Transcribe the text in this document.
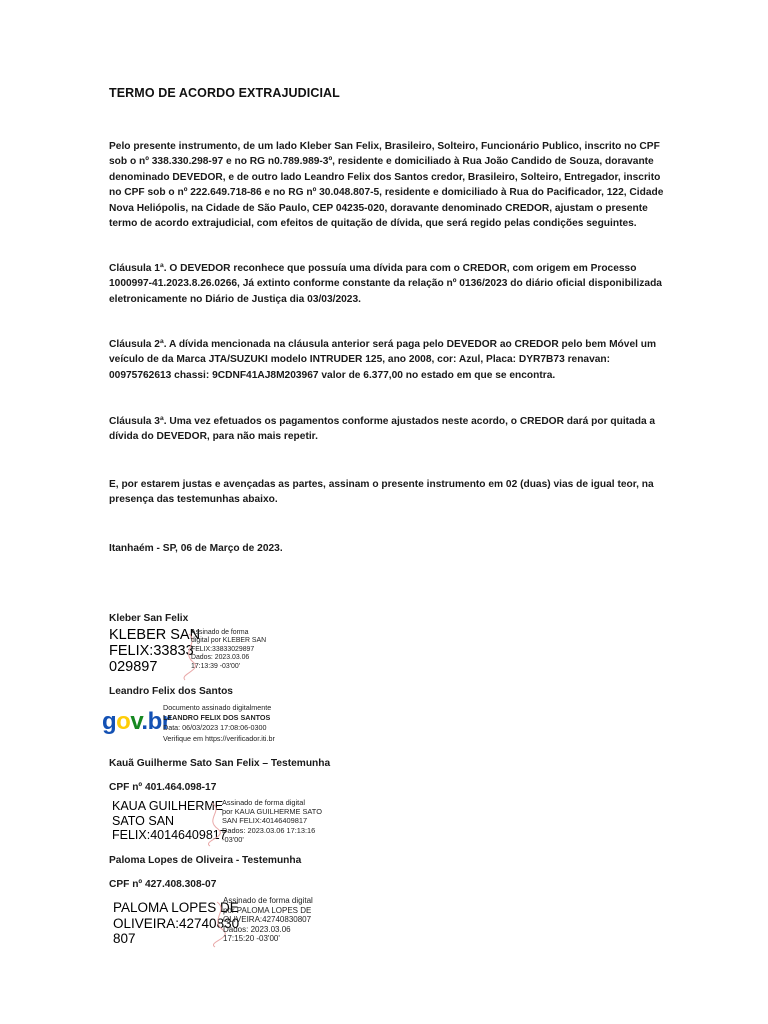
TERMO DE ACORDO EXTRAJUDICIAL
Pelo presente instrumento, de um lado Kleber San Felix, Brasileiro, Solteiro, Funcionário Publico, inscrito no CPF sob o nº 338.330.298-97 e no RG n0.789.989-3º, residente e domiciliado à Rua João Candido de Souza, doravante denominado DEVEDOR, e de outro lado Leandro Felix dos Santos credor, Brasileiro, Solteiro, Entregador, inscrito no CPF sob o nº 222.649.718-86 e no RG nº 30.048.807-5, residente e domiciliado à Rua do Pacificador, 122, Cidade Nova Heliópolis, na Cidade de São Paulo, CEP 04235-020, doravante denominado CREDOR, ajustam o presente termo de acordo extrajudicial, com efeitos de quitação de dívida, que será regido pelas condições seguintes.
Cláusula 1ª. O DEVEDOR reconhece que possuía uma dívida para com o CREDOR, com origem em Processo 1000997-41.2023.8.26.0266, Já extinto conforme constante da relação nº 0136/2023 do diário oficial disponibilizada eletronicamente no Diário de Justiça dia 03/03/2023.
Cláusula 2ª. A dívida mencionada na cláusula anterior será paga pelo DEVEDOR ao CREDOR pelo bem Móvel um veículo de da Marca JTA/SUZUKI modelo INTRUDER 125, ano 2008, cor: Azul, Placa: DYR7B73 renavan: 00975762613 chassi: 9CDNF41AJ8M203967 valor de 6.377,00 no estado em que se encontra.
Cláusula 3ª. Uma vez efetuados os pagamentos conforme ajustados neste acordo, o CREDOR dará por quitada a dívida do DEVEDOR, para não mais repetir.
E, por estarem justas e avençadas as partes, assinam o presente instrumento em 02 (duas) vias de igual teor, na presença das testemunhas abaixo.
Itanhaém - SP, 06 de Março de 2023.
Kleber San Felix
KLEBER SAN
FELIX:33833
029897
Assinado de forma
digital por KLEBER SAN
FELIX:33833029897
Dados: 2023.03.06
17:13:39 -03'00'
Leandro Felix dos Santos
gov.br
Documento assinado digitalmente
LEANDRO FELIX DOS SANTOS
Data: 06/03/2023 17:08:06-0300
Verifique em https://verificador.iti.br
Kauã Guilherme Sato San Felix – Testemunha
CPF nº 401.464.098-17
KAUA GUILHERME
SATO SAN
FELIX:40146409817
Assinado de forma digital
por KAUA GUILHERME SATO
SAN FELIX:40146409817
Dados: 2023.03.06 17:13:16
-03'00'
Paloma Lopes de Oliveira - Testemunha
CPF nº 427.408.308-07
PALOMA LOPES DE
OLIVEIRA:42740830
807
Assinado de forma digital
por PALOMA LOPES DE
OLIVEIRA:42740830807
Dados: 2023.03.06
17:15:20 -03'00'
